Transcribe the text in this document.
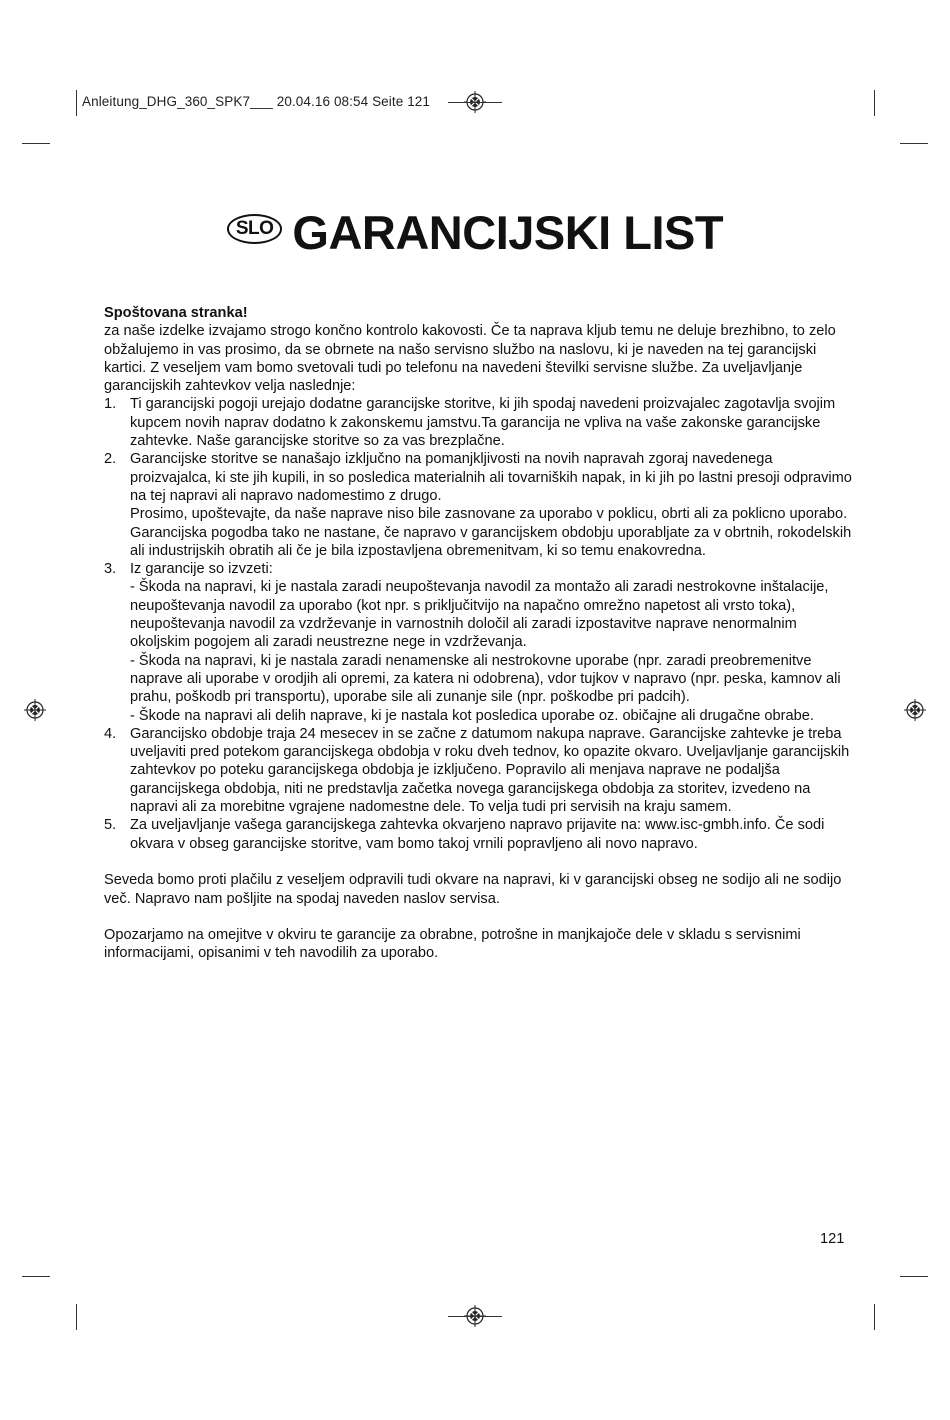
Anleitung_DHG_360_SPK7___ 20.04.16 08:54 Seite 121
SLO GARANCIJSKI LIST

Spoštovana stranka!

za naše izdelke izvajamo strogo končno kontrolo kakovosti. Če ta naprava kljub temu ne deluje brezhibno, to zelo obžalujemo in vas prosimo, da se obrnete na našo servisno službo na naslovu, ki je naveden na tej garancijski kartici. Z veseljem vam bomo svetovali tudi po telefonu na navedeni številki servisne službe. Za uveljavljanje garancijskih zahtevkov velja naslednje:

1. Ti garancijski pogoji urejajo dodatne garancijske storitve, ki jih spodaj navedeni proizvajalec zagotavlja svojim kupcem novih naprav dodatno k zakonskemu jamstvu.Ta garancija ne vpliva na vaše zakonske garancijske zahtevke. Naše garancijske storitve so za vas brezplačne.
2. Garancijske storitve se nanašajo izključno na pomanjkljivosti na novih napravah zgoraj navedenega proizvajalca, ki ste jih kupili, in so posledica materialnih ali tovarniških napak, in ki jih po lastni presoji odpravimo na tej napravi ali napravo nadomestimo z drugo.
Prosimo, upoštevajte, da naše naprave niso bile zasnovane za uporabo v poklicu, obrti ali za poklicno uporabo. Garancijska pogodba tako ne nastane, če napravo v garancijskem obdobju uporabljate za v obrtnih, rokodelskih ali industrijskih obratih ali če je bila izpostavljena obremenitvam, ki so temu enakovredna.
3. Iz garancije so izvzeti:
- Škoda na napravi, ki je nastala zaradi neupoštevanja navodil za montažo ali zaradi nestrokovne inštalacije, neupoštevanja navodil za uporabo (kot npr. s priključitvijo na napačno omrežno napetost ali vrsto toka), neupoštevanja navodil za vzdrževanje in varnostnih določil ali zaradi izpostavitve naprave nenormalnim okoljskim pogojem ali zaradi neustrezne nege in vzdrževanja.
- Škoda na napravi, ki je nastala zaradi nenamenske ali nestrokovne uporabe (npr. zaradi preobremenitve naprave ali uporabe v orodjih ali opremi, za katera ni odobrena), vdor tujkov v napravo (npr. peska, kamnov ali prahu, poškodb pri transportu), uporabe sile ali zunanje sile (npr. poškodbe pri padcih).
- Škode na napravi ali delih naprave, ki je nastala kot posledica uporabe oz. običajne ali drugačne obrabe.
4. Garancijsko obdobje traja 24 mesecev in se začne z datumom nakupa naprave. Garancijske zahtevke je treba uveljaviti pred potekom garancijskega obdobja v roku dveh tednov, ko opazite okvaro. Uveljavljanje garancijskih zahtevkov po poteku garancijskega obdobja je izključeno. Popravilo ali menjava naprave ne podaljša garancijskega obdobja, niti ne predstavlja začetka novega garancijskega obdobja za storitev, izvedeno na napravi ali za morebitne vgrajene nadomestne dele. To velja tudi pri servisih na kraju samem.
5. Za uveljavljanje vašega garancijskega zahtevka okvarjeno napravo prijavite na: www.isc-gmbh.info. Če sodi okvara v obseg garancijske storitve, vam bomo takoj vrnili popravljeno ali novo napravo.

Seveda bomo proti plačilu z veseljem odpravili tudi okvare na napravi, ki v garancijski obseg ne sodijo ali ne sodijo več. Napravo nam pošljite na spodaj naveden naslov servisa.

Opozarjamo na omejitve v okviru te garancije za obrabne, potrošne in manjkajoče dele v skladu s servisnimi informacijami, opisanimi v teh navodilih za uporabo.

121
